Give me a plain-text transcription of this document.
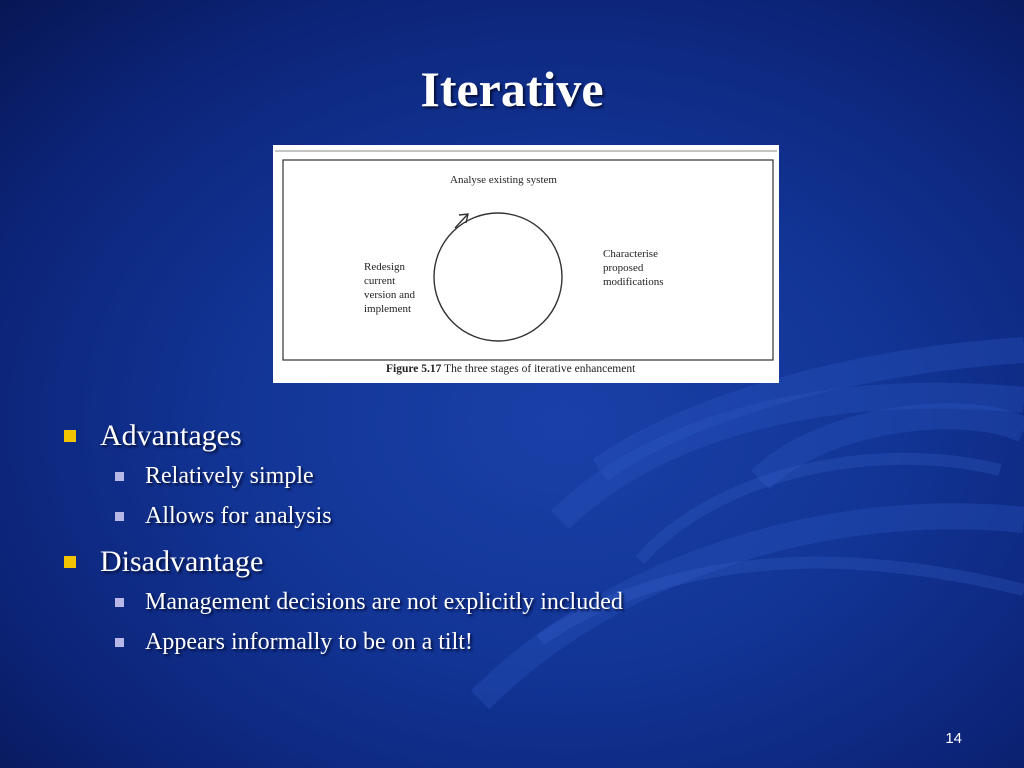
Iterative
Analyse existing system
Characterise
proposed
modifications
Redesign
current
version and
implement
Figure 5.17 The three stages of iterative enhancement
Advantages
Relatively simple
Allows for analysis
Disadvantage
Management decisions are not explicitly included
Appears informally to be on a tilt!
14
